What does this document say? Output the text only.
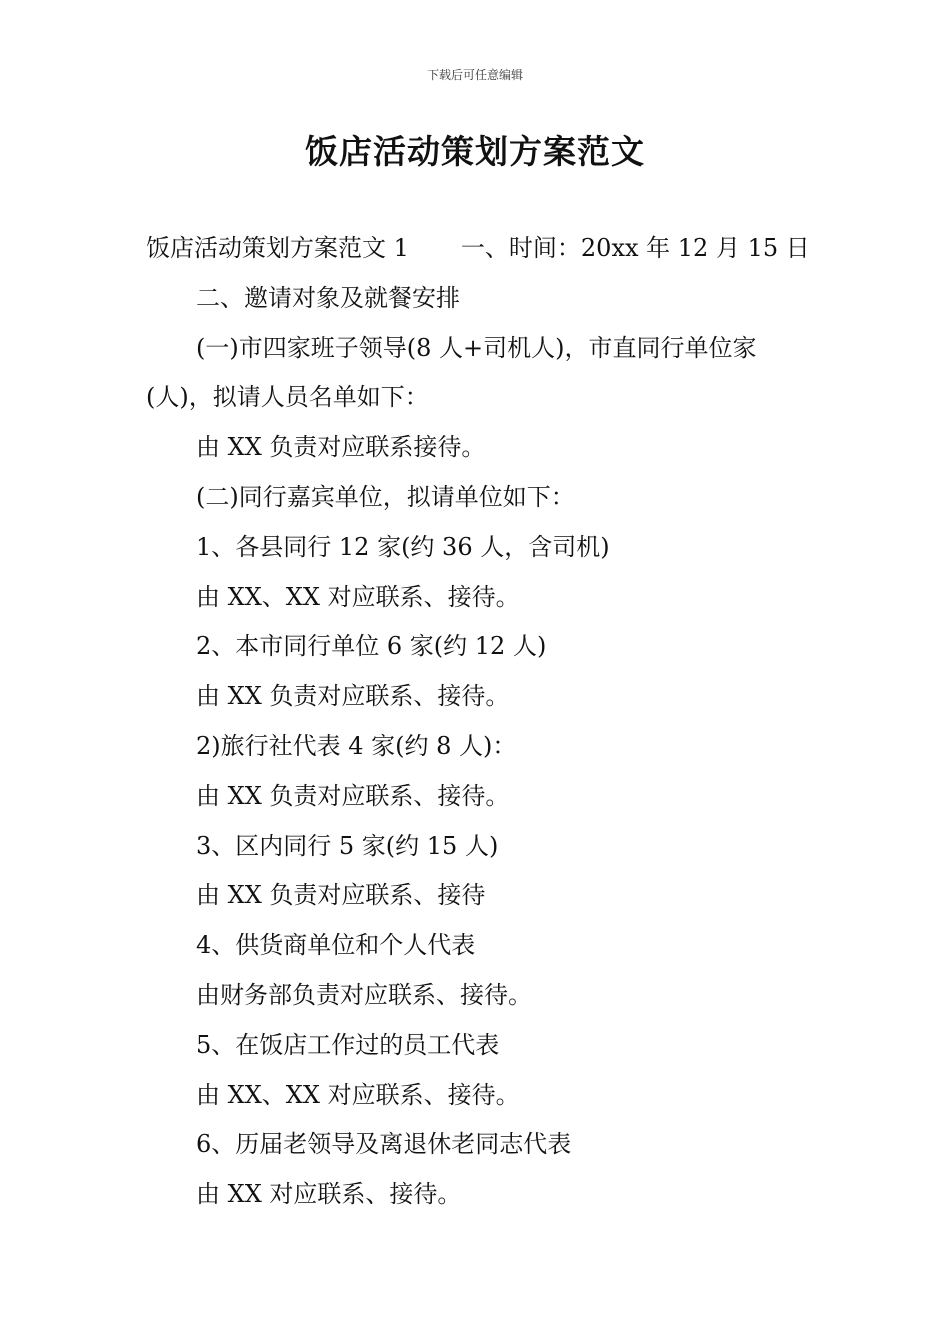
下载后可任意编辑
饭店活动策划方案范文
饭店活动策划方案范文 1 一、时间：20xx 年 12 月 15 日
二、邀请对象及就餐安排
(一)市四家班子领导(8 人+司机人)，市直同行单位家
(人)，拟请人员名单如下：
由 XX 负责对应联系接待。
(二)同行嘉宾单位，拟请单位如下：
1、各县同行 12 家(约 36 人，含司机)
由 XX、XX 对应联系、接待。
2、本市同行单位 6 家(约 12 人)
由 XX 负责对应联系、接待。
2)旅行社代表 4 家(约 8 人)：
由 XX 负责对应联系、接待。
3、区内同行 5 家(约 15 人)
由 XX 负责对应联系、接待
4、供货商单位和个人代表
由财务部负责对应联系、接待。
5、在饭店工作过的员工代表
由 XX、XX 对应联系、接待。
6、历届老领导及离退休老同志代表
由 XX 对应联系、接待。
